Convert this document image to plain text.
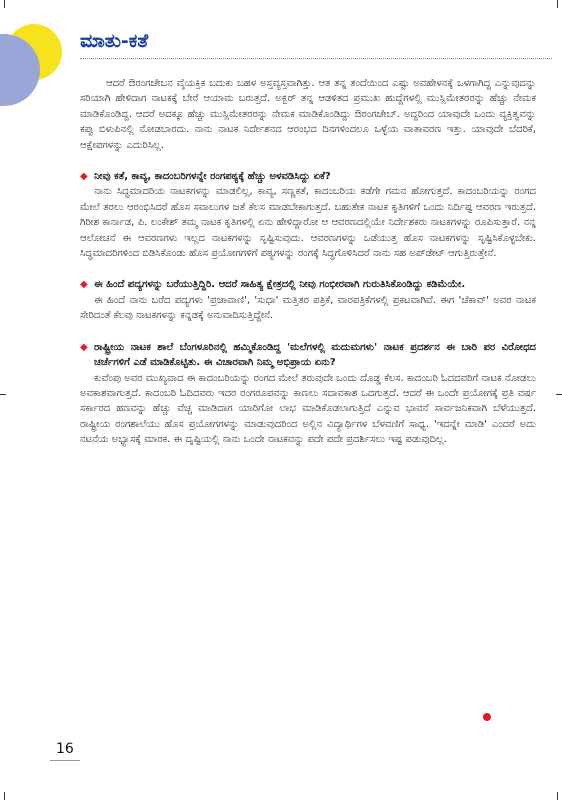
ಮಾತು-ಕತೆ

ಆದರೆ ಔರಂಗಜೇಬನ ವೈಯಕ್ತಿಕ ಬದುಕು ಬಹಳ ಅಸ್ತವ್ಯಸ್ತವಾಗಿತ್ತು. ಆತ ತನ್ನ ತಂದೆಯಿಂದ ಎಷ್ಟು ಅವಹೇಳನಕ್ಕೆ ಒಳಗಾಗಿದ್ದ ಎನ್ನುವುದನ್ನು ಸರಿಯಾಗಿ ಹೇಳಿದಾಗ ನಾಟಕಕ್ಕೆ ಬೇರೆ ಆಯಾಮ ಬರುತ್ತದೆ. ಅಕ್ಬರ್ ತನ್ನ ಆಡಳಿತದ ಪ್ರಮುಖ ಹುದ್ದೆಗಳಲ್ಲಿ ಮುಸ್ಲಿಮೇತರರನ್ನು ಹೆಚ್ಚು ನೇಮಕ ಮಾಡಿಕೊಂಡಿದ್ದ. ಆದರೆ ಅದಕ್ಕೂ ಹೆಚ್ಚು ಮುಸ್ಲಿಮೇತರರನ್ನು ನೇಮಕ ಮಾಡಿಕೊಂಡಿದ್ದು ಔರಂಗಜೇಬ್. ಅದ್ದರಿಂದ ಯಾವುದೇ ಒಂದು ವ್ಯಕ್ತಿತ್ವವನ್ನು ಕಪ್ಪು ಬಿಳುಪಿನಲ್ಲಿ ನೋಡಬಾರದು. ನಾನು ನಾಟಕ ನಿರ್ದೇಶನದ ಆರಂಭದ ದಿನಗಳಿಂದಲೂ ಒಳ್ಳೆಯ ವಾತಾವರಣ ಇತ್ತು. ಯಾವುದೇ ಬೆದರಿಕೆ, ಆಕ್ಷೇಪಗಳನ್ನು ಎದುರಿಸಿಲ್ಲ.

◆ ನೀವು ಕತೆ, ಕಾವ್ಯ, ಕಾದಂಬರಿಗಳನ್ನೇ ರಂಗಪಠ್ಯಕ್ಕೆ ಹೆಚ್ಚು ಅಳವಡಿಸಿದ್ದು ಏಕೆ?

ನಾನು ಸಿದ್ಧಮಾದರಿಯ ನಾಟಕಗಳನ್ನು ಮಾಡಲಿಲ್ಲ, ಕಾವ್ಯ, ಸಣ್ಣಕತೆ, ಕಾದಂಬರಿಯ ಕಡೆಗೇ ಗಮನ ಹೋಗುತ್ತದೆ. ಕಾದಂಬರಿಯನ್ನು ರಂಗದ ಮೇಲೆ ತರಲು ಆರಂಭಿಸಿದರೆ ಹೊಸ ಸವಾಲುಗಳ ಜತೆ ಕೆಲಸ ಮಾಡಬೇಕಾಗುತ್ತದೆ. ಬಹುತೇಕ ನಾಟಕ ಕೃತಿಗಳಿಗೆ ಒಂದು ನಿರ್ದಿಷ್ಟ ಆವರಣ ಇರುತ್ತದೆ. ಗಿರೀಶ ಕಾರ್ನಾಡ, ಪಿ. ಲಂಕೇಶ್ ತಮ್ಮ ನಾಟಕ ಕೃತಿಗಳಲ್ಲಿ ಏನು ಹೇಳಿದ್ದಾರೋ ಆ ಆವರಣದಲ್ಲಿಯೇ ನಿರ್ದೇಶಕರು ನಾಟಕಗಳನ್ನು ರೂಪಿಸುತ್ತಾರೆ. ನನ್ನ ಆಲೋಚನೆ ಈ ಆವರಣಗಳು ಇಲ್ಲದ ನಾಟಕಗಳನ್ನು ಸೃಷ್ಟಿಸುವುದು. ಆವರಣಗಳನ್ನು ಒಡೆಯುತ್ತ ಹೊಸ ನಾಟಕಗಳನ್ನು ಸೃಷ್ಟಿಸಿಕೊಳ್ಳಬೇಕು. ಸಿದ್ಧಮಾದರಿಗಳಿಂದ ಬಿಡಿಸಿಕೊಂಡು ಹೊಸ ಪ್ರಯೋಗಗಳಿಗೆ ಪಠ್ಯಗಳನ್ನು ರಂಗಕ್ಕೆ ಸಿದ್ಧಗೊಳಿಸಿದರೆ ನಾನು ಸಹ ಅಪ್‌ಡೇಟ್ ಆಗುತ್ತಿರುತ್ತೇನೆ.

◆ ಈ ಹಿಂದೆ ಪದ್ಯಗಳನ್ನು ಬರೆಯುತ್ತಿದ್ದಿರಿ. ಆದರೆ ಸಾಹಿತ್ಯ ಕ್ಷೇತ್ರದಲ್ಲಿ ನೀವು ಗಂಭೀರವಾಗಿ ಗುರುತಿಸಿಕೊಂಡಿದ್ದು ಕಡಿಮೆಯೇ.

ಈ ಹಿಂದೆ ನಾನು ಬರೆದ ಪದ್ಯಗಳು 'ಪ್ರಜಾವಾಣಿ', 'ಸುಧಾ' ಮತ್ತಿತರ ಪತ್ರಿಕೆ, ವಾರಪತ್ರಿಕೆಗಳಲ್ಲಿ ಪ್ರಕಟವಾಗಿವೆ. ಈಗ 'ಚೆಕಾವ್' ಅವರ ನಾಟಕ ಸೇರಿದಂತೆ ಕೆಲವು ನಾಟಕಗಳನ್ನು ಕನ್ನಡಕ್ಕೆ ಅನುವಾದಿಸುತ್ತಿದ್ದೇನೆ.

◆ ರಾಷ್ಟ್ರೀಯ ನಾಟಕ ಶಾಲೆ ಬೆಂಗಳೂರಿನಲ್ಲಿ ಹಮ್ಮಿಕೊಂಡಿದ್ದ 'ಮಲೆಗಳಲ್ಲಿ ಮದುಮಗಳು' ನಾಟಕ ಪ್ರದರ್ಶನ ಈ ಬಾರಿ ಪರ ವಿರೋಧದ ಚರ್ಚೆಗಳಿಗೆ ಎಡೆ ಮಾಡಿಕೊಟ್ಟಿತು. ಈ ವಿಚಾರವಾಗಿ ನಿಮ್ಮ ಅಭಿಪ್ರಾಯ ಏನು?

ಕುವೆಂಪು ಅವರ ಮುಖ್ಯವಾದ ಈ ಕಾದಂಬರಿಯನ್ನು ರಂಗದ ಮೇಲೆ ತರುವುದೇ ಒಂದು ದೊಡ್ಡ ಕೆಲಸ. ಕಾದಂಬರಿ ಓದದವರಿಗೆ ನಾಟಕ ನೋಡಲು ಅವಕಾಶವಾಗುತ್ತದೆ. ಕಾದಂಬರಿ ಓದಿದವರು ಇದರ ರಂಗರೂಪವನ್ನು ಕಾಣಲು ಸದಾವಕಾಶ ಒದಗುತ್ತದೆ. ಆದರೆ ಈ ಒಂದೇ ಪ್ರಯೋಗಕ್ಕೆ ಪ್ರತಿ ವರ್ಷ ಸರ್ಕಾರದ ಹಣವನ್ನು ಹೆಚ್ಚು ವೆಚ್ಚ ಮಾಡಿದಾಗ ಯಾರಿಗೋ ಲಾಭ ಮಾಡಿಕೊಡಲಾಗುತ್ತಿದೆ ಎನ್ನುವ ಭಾವನೆ ಸಾರ್ವಜನಿಕವಾಗಿ ಬೆಳೆಯುತ್ತದೆ. ರಾಷ್ಟ್ರೀಯ ರಂಗಶಾಲೆಯು ಹೊಸ ಪ್ರಯೋಗಗಳನ್ನು ಮಾಡುವುದರಿಂದ ಅಲ್ಲಿನ ವಿದ್ಯಾರ್ಥಿಗಳ ಬೆಳವಣಿಗೆ ಸಾಧ್ಯ. 'ಇದನ್ನೇ ಮಾಡಿ' ಎಂದರೆ ಅದು ನಟನೆಯ ಅಭ್ಯಾಸಕ್ಕೆ ಮಾರಕ. ಈ ದೃಷ್ಟಿಯಲ್ಲಿ ನಾನು ಒಂದೇ ನಾಟಕವನ್ನು ಪದೇ ಪದೇ ಪ್ರದರ್ಶಿಸಲು ಇಷ್ಟ ಪಡುವುದಿಲ್ಲ.

16
